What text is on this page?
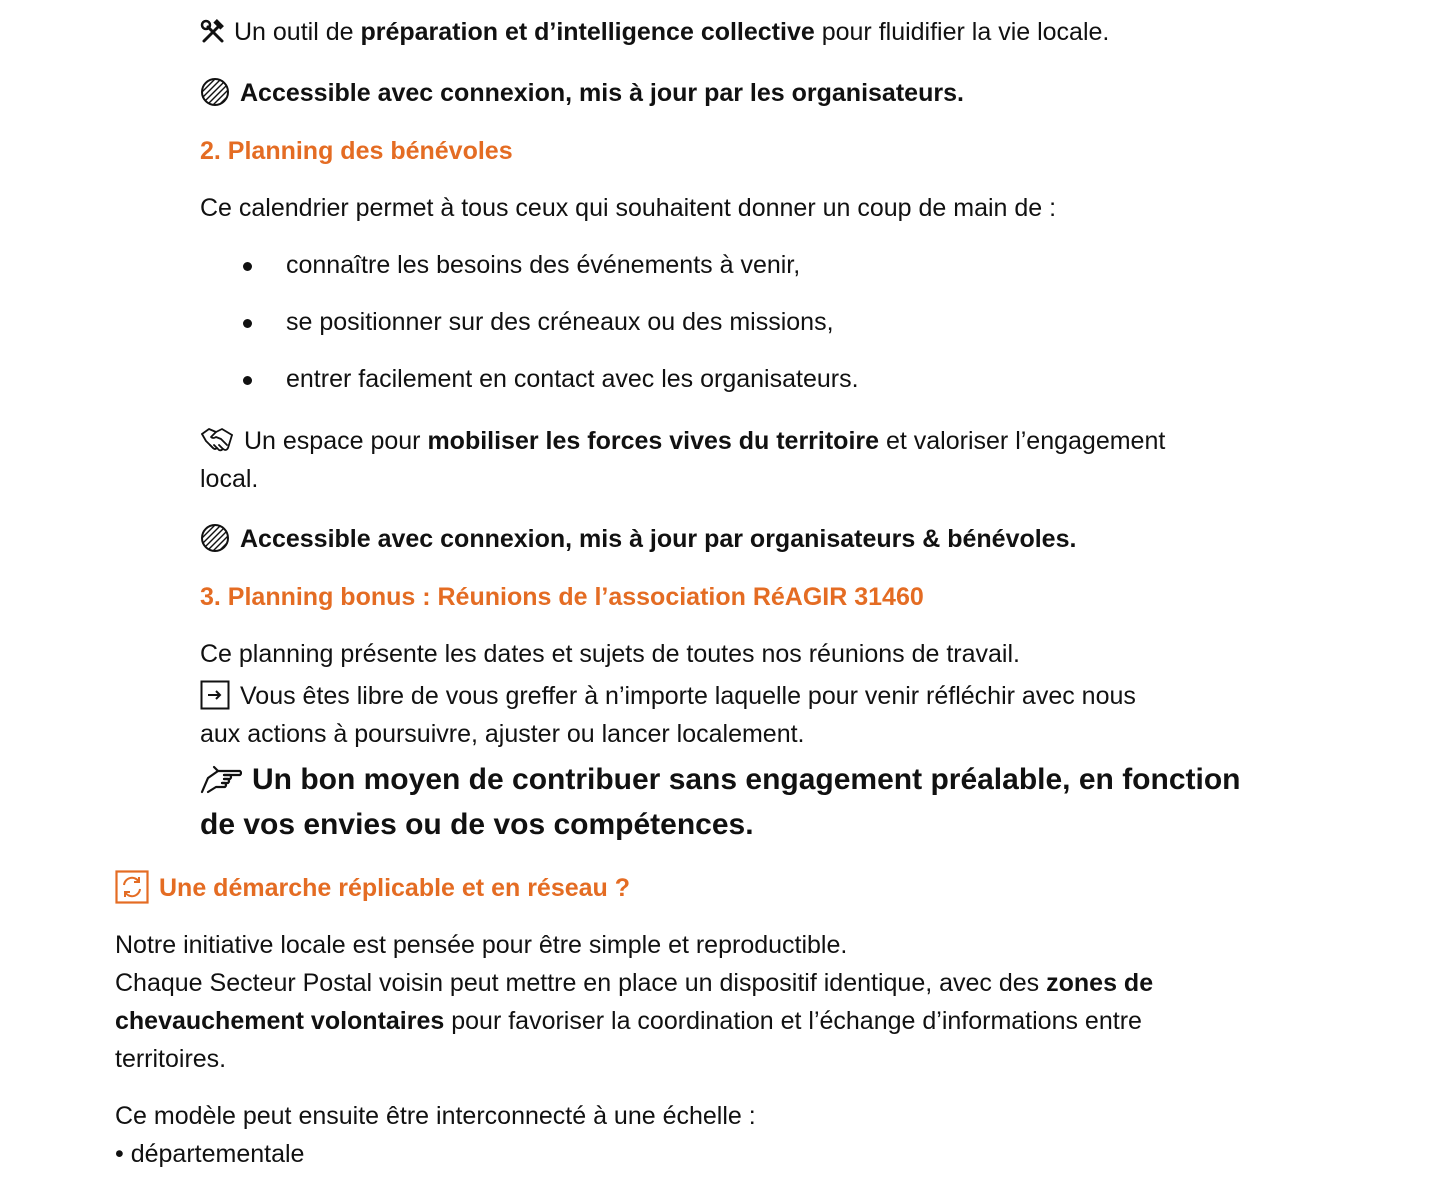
Un outil de préparation et d’intelligence collective pour fluidifier la vie locale.
Accessible avec connexion, mis à jour par les organisateurs.
2. Planning des bénévoles
Ce calendrier permet à tous ceux qui souhaitent donner un coup de main de :
connaître les besoins des événements à venir,
se positionner sur des créneaux ou des missions,
entrer facilement en contact avec les organisateurs.
Un espace pour mobiliser les forces vives du territoire et valoriser l’engagement
local.
Accessible avec connexion, mis à jour par organisateurs & bénévoles.
3. Planning bonus : Réunions de l’association RéAGIR 31460
Ce planning présente les dates et sujets de toutes nos réunions de travail.
Vous êtes libre de vous greffer à n’importe laquelle pour venir réfléchir avec nous
aux actions à poursuivre, ajuster ou lancer localement.
Un bon moyen de contribuer sans engagement préalable, en fonction
de vos envies ou de vos compétences.
Une démarche réplicable et en réseau ?
Notre initiative locale est pensée pour être simple et reproductible.
Chaque Secteur Postal voisin peut mettre en place un dispositif identique, avec des zones de
chevauchement volontaires pour favoriser la coordination et l’échange d’informations entre
territoires.
Ce modèle peut ensuite être interconnecté à une échelle :
• départementale
